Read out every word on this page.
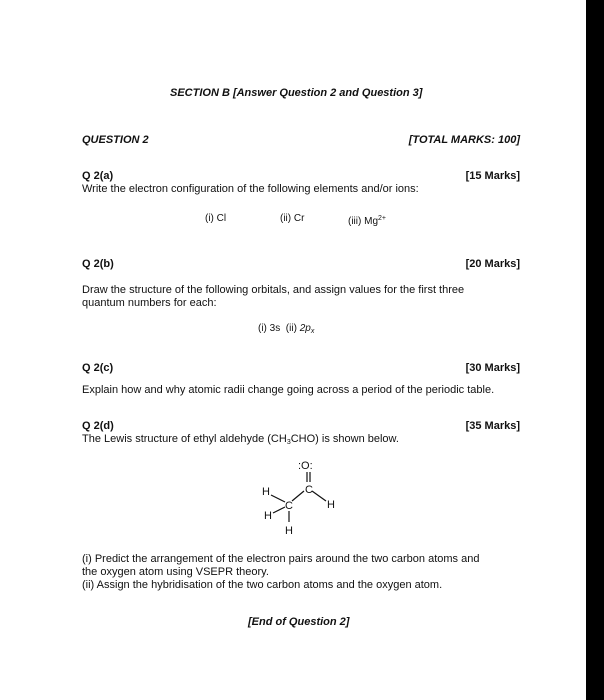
SECTION B [Answer Question 2 and Question 3]
QUESTION 2	[TOTAL MARKS: 100]
Q 2(a)	[15 Marks]
Write the electron configuration of the following elements and/or ions:
(i) Cl	(ii) Cr	(iii) $Mg^{2+}$
Q 2(b)	[20 Marks]
Draw the structure of the following orbitals, and assign values for the first three
quantum numbers for each:
(i) 3s (ii) $2p_x$
Q 2(c)	[30 Marks]
Explain how and why atomic radii change going across a period of the periodic table.
Q 2(d)	[35 Marks]
The Lewis structure of ethyl aldehyde $(CH_3CHO)$ is shown below.
:O:
C
H
C
H
H
H
(i) Predict the arrangement of the electron pairs around the two carbon atoms and
the oxygen atom using VSEPR theory.
(ii) Assign the hybridisation of the two carbon atoms and the oxygen atom.
[End of Question 2]
